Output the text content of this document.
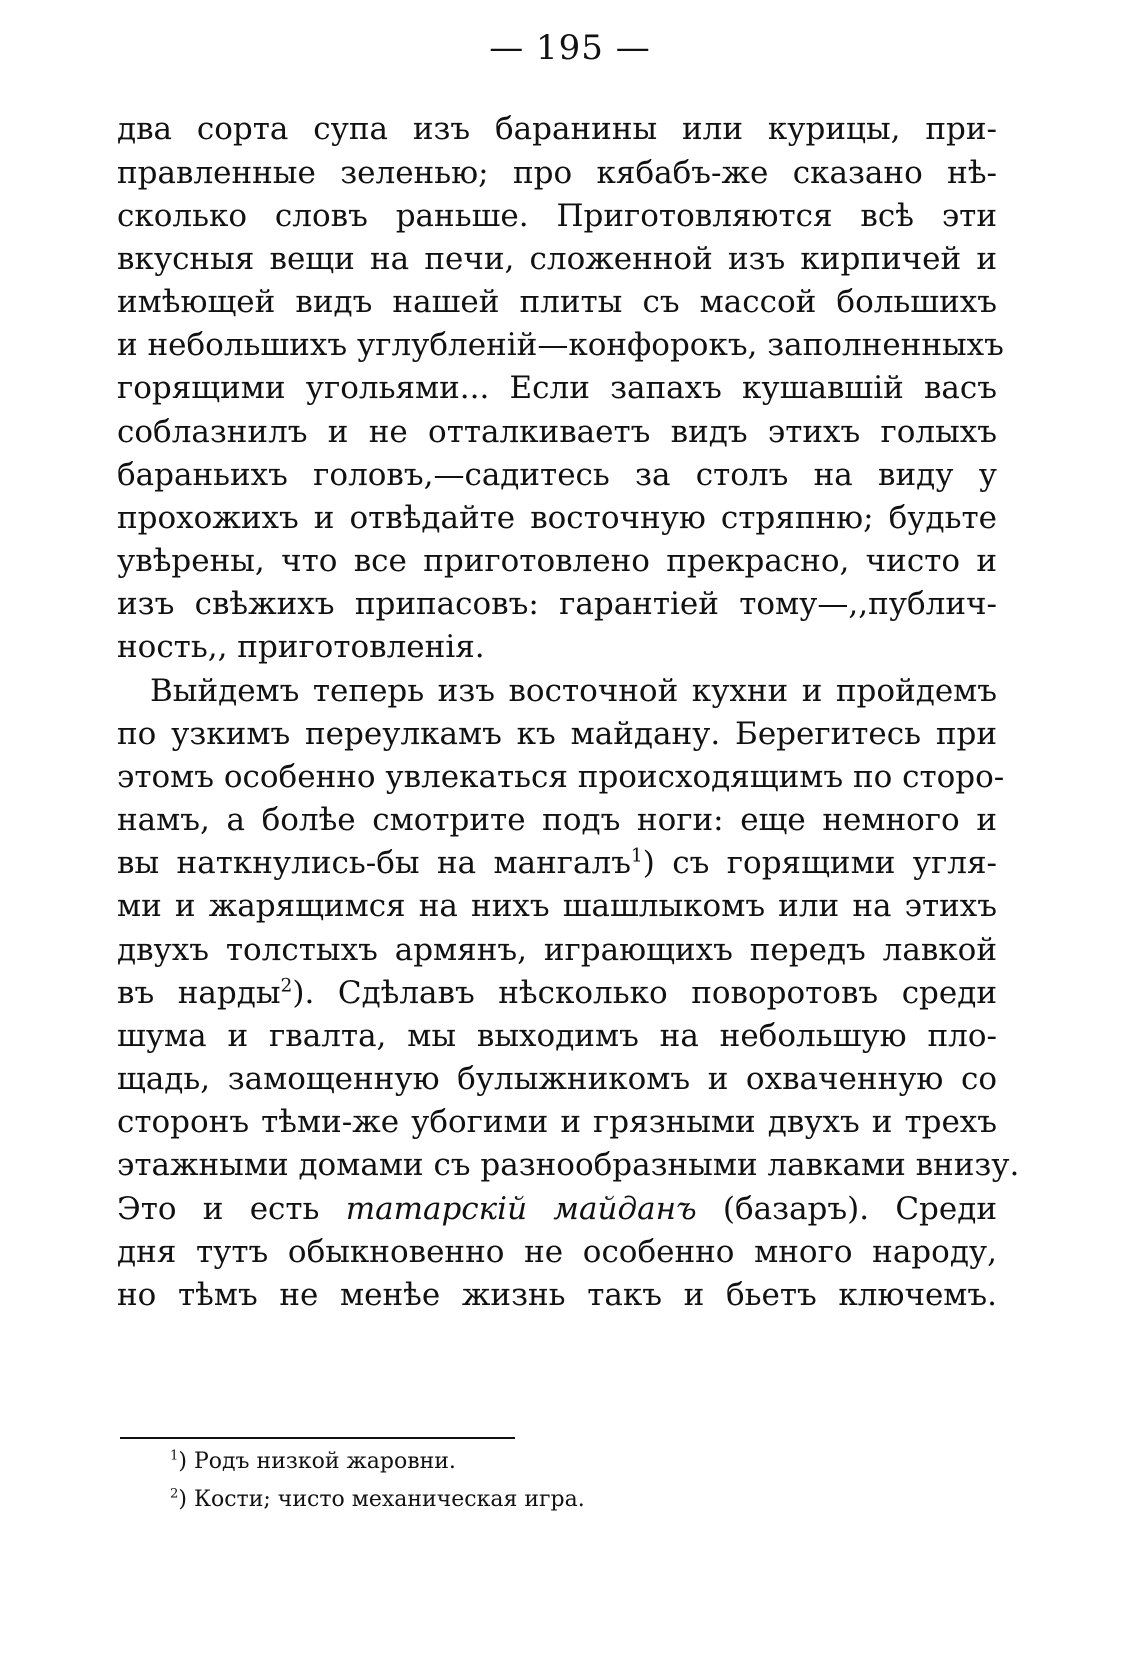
— 195 —
два сорта супа изъ баранины или курицы, при-
правленные зеленью; про кябабъ-же сказано нѣ-
сколько словъ раньше. Приготовляются всѣ эти
вкусныя вещи на печи, сложенной изъ кирпичей и
имѣющей видъ нашей плиты съ массой большихъ
и небольшихъ углубленій—конфорокъ, заполненныхъ
горящими угольями... Если запахъ кушавшій васъ
соблазнилъ и не отталкиваетъ видъ этихъ голыхъ
бараньихъ головъ,—садитесь за столъ на виду у
прохожихъ и отвѣдайте восточную стряпню; будьте
увѣрены, что все приготовлено прекрасно, чисто и
изъ свѣжихъ припасовъ: гарантіей тому—,,публич-
ность,, приготовленія.
Выйдемъ теперь изъ восточной кухни и пройдемъ
по узкимъ переулкамъ къ майдану. Берегитесь при
этомъ особенно увлекаться происходящимъ по сторо-
намъ, а болѣе смотрите подъ ноги: еще немного и
вы наткнулись-бы на мангалъ$^1$) съ горящими угля-
ми и жарящимся на нихъ шашлыкомъ или на этихъ
двухъ толстыхъ армянъ, играющихъ передъ лавкой
въ нарды$^2$). Сдѣлавъ нѣсколько поворотовъ среди
шума и гвалта, мы выходимъ на небольшую пло-
щадь, замощенную булыжникомъ и охваченную со
сторонъ тѣми-же убогими и грязными двухъ и трехъ
этажными домами съ разнообразными лавками внизу.
Это и есть татарскій майданъ (базаръ). Среди
дня тутъ обыкновенно не особенно много народу,
но тѣмъ не менѣе жизнь такъ и бьетъ ключемъ.
$^1$) Родъ низкой жаровни.
$^2$) Кости; чисто механическая игра.
